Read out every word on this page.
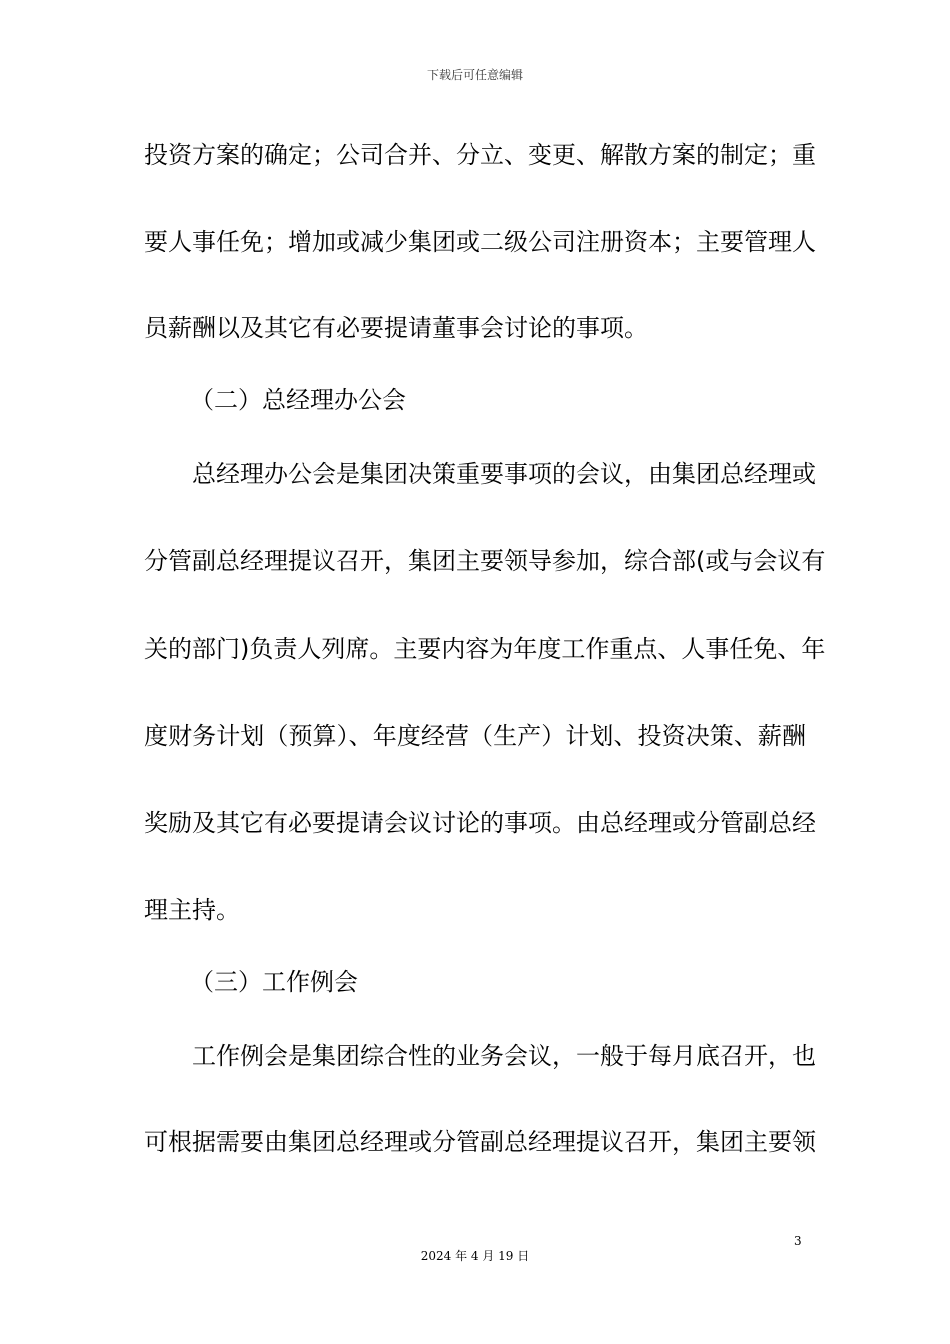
下载后可任意编辑
投资方案的确定；公司合并、分立、变更、解散方案的制定；重
要人事任免；增加或减少集团或二级公司注册资本；主要管理人
员薪酬以及其它有必要提请董事会讨论的事项。
（二）总经理办公会
总经理办公会是集团决策重要事项的会议，由集团总经理或
分管副总经理提议召开，集团主要领导参加，综合部(或与会议有
关的部门)负责人列席。主要内容为年度工作重点、人事任免、年
度财务计划（预算）、年度经营（生产）计划、投资决策、薪酬
奖励及其它有必要提请会议讨论的事项。由总经理或分管副总经
理主持。
（三）工作例会
工作例会是集团综合性的业务会议，一般于每月底召开，也
可根据需要由集团总经理或分管副总经理提议召开，集团主要领
3
2024 年 4 月 19 日
